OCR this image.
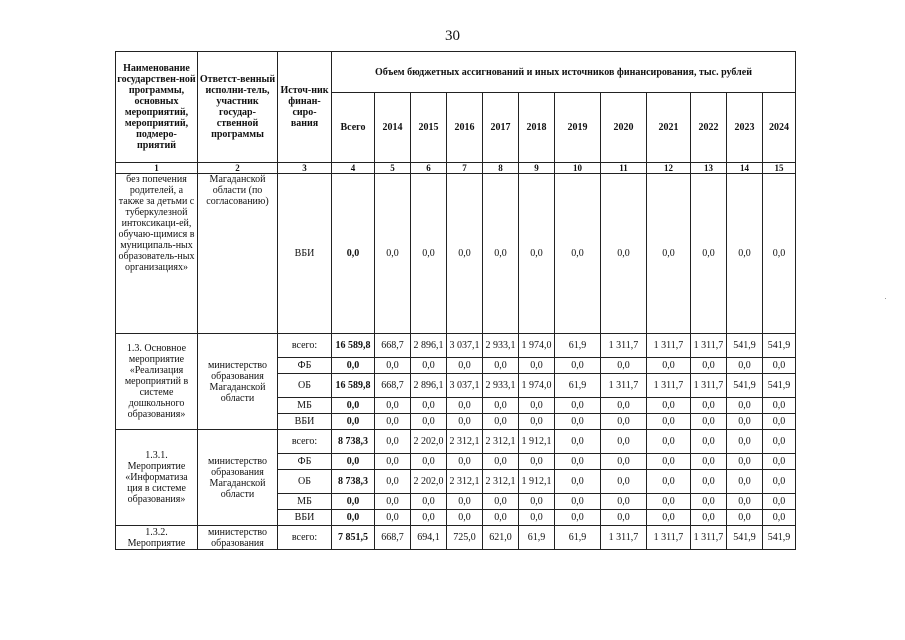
30
Наименование государствен-ной программы, основных мероприятий, мероприятий, подмеро-приятий	Ответст-венный исполни-тель, участник государ-ственной программы	Источ-ник финан-сиро-вания	Объем бюджетных ассигнований и иных источников финансирования, тыс. рублей											
			Всего	2014	2015	2016	2017	2018	2019	2020	2021	2022	2023	2024
1	2	3	4	5	6	7	8	9	10	11	12	13	14	15
без попечения родителей, а также за детьми с туберкулезной интоксикаци-ей, обучаю-щимися в муниципаль-ных образователь-ных организациях»	Магаданской области (по согласованию)	ВБИ	0,0	0,0	0,0	0,0	0,0	0,0	0,0	0,0	0,0	0,0	0,0	0,0
1.3. Основное мероприятие «Реализация мероприятий в системе дошкольного образования»	министерство образования Магаданской области	всего:	16 589,8	668,7	2 896,1	3 037,1	2 933,1	1 974,0	61,9	1 311,7	1 311,7	1 311,7	541,9	541,9
		ФБ	0,0	0,0	0,0	0,0	0,0	0,0	0,0	0,0	0,0	0,0	0,0	0,0
		ОБ	16 589,8	668,7	2 896,1	3 037,1	2 933,1	1 974,0	61,9	1 311,7	1 311,7	1 311,7	541,9	541,9
		МБ	0,0	0,0	0,0	0,0	0,0	0,0	0,0	0,0	0,0	0,0	0,0	0,0
		ВБИ	0,0	0,0	0,0	0,0	0,0	0,0	0,0	0,0	0,0	0,0	0,0	0,0
1.3.1. Мероприятие «Информатиза ция в системе образования»	министерство образования Магаданской области	всего:	8 738,3	0,0	2 202,0	2 312,1	2 312,1	1 912,1	0,0	0,0	0,0	0,0	0,0	0,0
		ФБ	0,0	0,0	0,0	0,0	0,0	0,0	0,0	0,0	0,0	0,0	0,0	0,0
		ОБ	8 738,3	0,0	2 202,0	2 312,1	2 312,1	1 912,1	0,0	0,0	0,0	0,0	0,0	0,0
		МБ	0,0	0,0	0,0	0,0	0,0	0,0	0,0	0,0	0,0	0,0	0,0	0,0
		ВБИ	0,0	0,0	0,0	0,0	0,0	0,0	0,0	0,0	0,0	0,0	0,0	0,0
1.3.2. Мероприятие	министерство образования	всего:	7 851,5	668,7	694,1	725,0	621,0	61,9	61,9	1 311,7	1 311,7	1 311,7	541,9	541,9
